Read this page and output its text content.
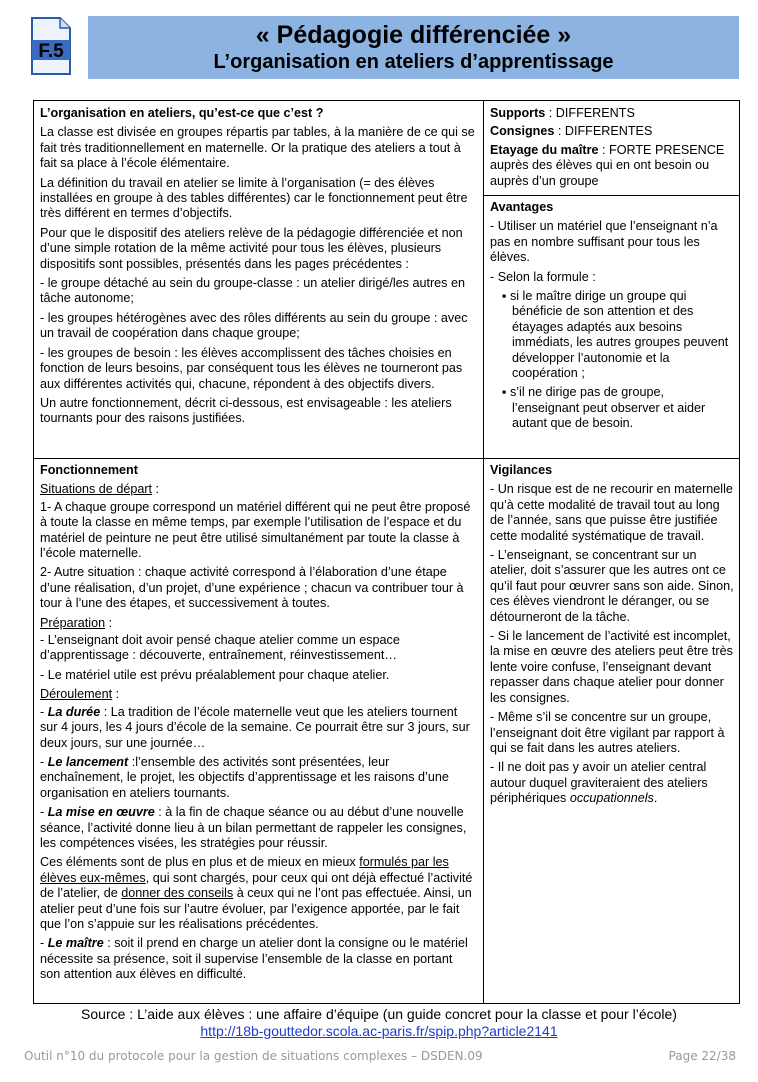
F.5
« Pédagogie différenciée »
L’organisation en ateliers d’apprentissage

L’organisation en ateliers, qu’est-ce que c’est ?

La classe est divisée en groupes répartis par tables, à la manière de ce qui se fait très traditionnellement en maternelle. Or la pratique des ateliers a tout à fait sa place à l’école élémentaire.

La définition du travail en atelier se limite à l’organisation (= des élèves installées en groupe à des tables différentes) car le fonctionnement peut être très différent en termes d’objectifs.

Pour que le dispositif des ateliers relève de la pédagogie différenciée et non d’une simple rotation de la même activité pour tous les élèves, plusieurs dispositifs sont possibles, présentés dans les pages précédentes :

- le groupe détaché au sein du groupe-classe : un atelier dirigé/les autres en tâche autonome;

- les groupes hétérogènes avec des rôles différents au sein du groupe : avec un travail de coopération dans chaque groupe;

- les groupes de besoin : les élèves accomplissent des tâches choisies en fonction de leurs besoins, par conséquent tous les élèves ne tourneront pas aux différentes activités qui, chacune, répondent à des objectifs divers.

Un autre fonctionnement, décrit ci-dessous, est envisageable : les ateliers tournants pour des raisons justifiées.

Supports : DIFFERENTS

Consignes : DIFFERENTES

Etayage du maître : FORTE PRESENCE auprès des élèves qui en ont besoin ou auprès d’un groupe

Avantages

- Utiliser un matériel que l’enseignant n’a pas en nombre suffisant pour tous les élèves.

- Selon la formule :

▪ si le maître dirige un groupe qui bénéficie de son attention et des étayages adaptés aux besoins immédiats, les autres groupes peuvent développer l’autonomie et la coopération ;

▪ s’il ne dirige pas de groupe, l’enseignant peut observer et aider autant que de besoin.

Fonctionnement

Situations de départ :

1- A chaque groupe correspond un matériel différent qui ne peut être proposé à toute la classe en même temps, par exemple l’utilisation de l’espace et du matériel de peinture ne peut être utilisé simultanément par toute la classe à l’école maternelle.

2- Autre situation : chaque activité correspond à l’élaboration d’une étape d’une réalisation, d’un projet, d’une expérience ; chacun va contribuer tour à tour à l’une des étapes, et successivement à toutes.

Préparation :

- L’enseignant doit avoir pensé chaque atelier comme un espace d’apprentissage : découverte, entraînement, réinvestissement…

- Le matériel utile est prévu préalablement pour chaque atelier.

Déroulement :

- La durée : La tradition de l’école maternelle veut que les ateliers tournent sur 4 jours, les 4 jours d’école de la semaine. Ce pourrait être sur 3 jours, sur deux jours, sur une journée…

- Le lancement :l’ensemble des activités sont présentées, leur enchaînement, le projet, les objectifs d’apprentissage et les raisons d’une organisation en ateliers tournants.

- La mise en œuvre : à la fin de chaque séance ou au début d’une nouvelle séance, l’activité donne lieu à un bilan permettant de rappeler les consignes, les compétences visées, les stratégies pour réussir.

Ces éléments sont de plus en plus et de mieux en mieux formulés par les élèves eux-mêmes, qui sont chargés, pour ceux qui ont déjà effectué l’activité de l’atelier, de donner des conseils à ceux qui ne l’ont pas effectuée. Ainsi, un atelier peut d’une fois sur l’autre évoluer, par l’exigence apportée, par le fait que l’on s’appuie sur les réalisations précédentes.

- Le maître : soit il prend en charge un atelier dont la consigne ou le matériel nécessite sa présence, soit il supervise l’ensemble de la classe en portant son attention aux élèves en difficulté.

Vigilances

- Un risque est de ne recourir en maternelle qu’à cette modalité de travail tout au long de l’année, sans que puisse être justifiée cette modalité systématique de travail.

- L’enseignant, se concentrant sur un atelier, doit s’assurer que les autres ont ce qu’il faut pour œuvrer sans son aide. Sinon, ces élèves viendront le déranger, ou se détourneront de la tâche.

- Si le lancement de l’activité est incomplet, la mise en œuvre des ateliers peut être très lente voire confuse, l’enseignant devant repasser dans chaque atelier pour donner les consignes.

- Même s’il se concentre sur un groupe, l’enseignant doit être vigilant par rapport à qui se fait dans les autres ateliers.

- Il ne doit pas y avoir un atelier central autour duquel graviteraient des ateliers périphériques occupationnels.

Source : L’aide aux élèves : une affaire d’équipe (un guide concret pour la classe et pour l’école)
http://18b-gouttedor.scola.ac-paris.fr/spip.php?article2141
Outil n°10 du protocole pour la gestion de situations complexes – DSDEN.09	Page 22/38
